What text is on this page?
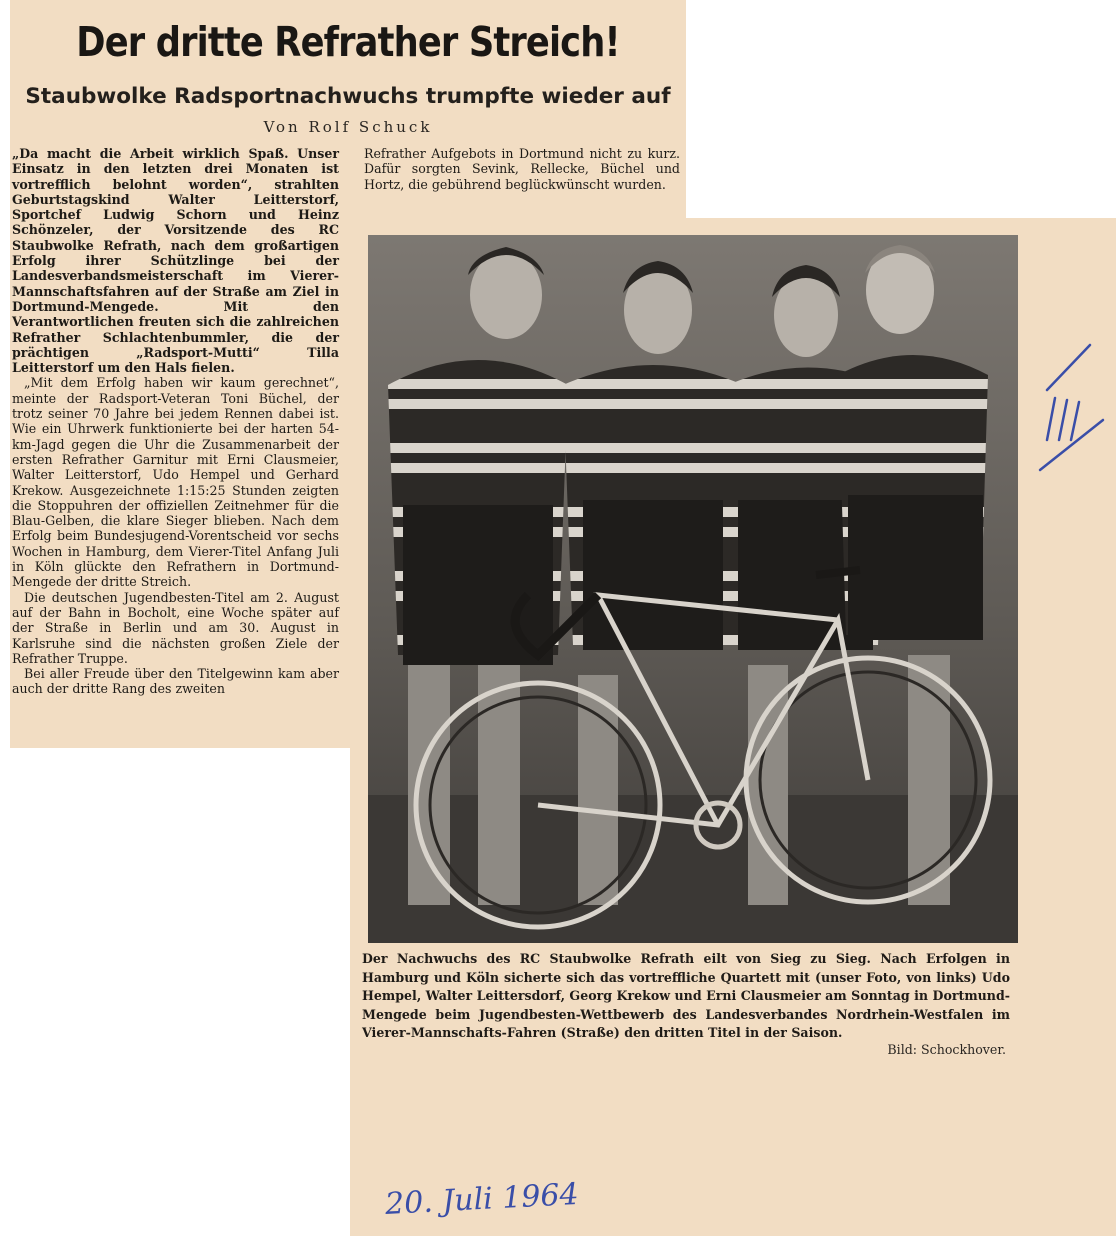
Der dritte Refrather Streich!
Staubwolke Radsportnachwuchs trumpfte wieder auf
Von Rolf Schuck

„Da macht die Arbeit wirklich Spaß. Unser Einsatz in den letzten drei Monaten ist vortrefflich belohnt worden“, strahlten Geburtstagskind Walter Leitterstorf, Sportchef Ludwig Schorn und Heinz Schönzeler, der Vorsitzende des RC Staubwolke Refrath, nach dem großartigen Erfolg ihrer Schützlinge bei der Landesverbandsmeisterschaft im Vierer-Mannschaftsfahren auf der Straße am Ziel in Dortmund-Mengede. Mit den Verantwortlichen freuten sich die zahlreichen Refrather Schlachtenbummler, die der prächtigen „Radsport-Mutti“ Tilla Leitterstorf um den Hals fielen.

„Mit dem Erfolg haben wir kaum gerechnet“, meinte der Radsport-Veteran Toni Büchel, der trotz seiner 70 Jahre bei jedem Rennen dabei ist. Wie ein Uhrwerk funktionierte bei der harten 54-km-Jagd gegen die Uhr die Zusammenarbeit der ersten Refrather Garnitur mit Erni Clausmeier, Walter Leitterstorf, Udo Hempel und Gerhard Krekow. Ausgezeichnete 1:15:25 Stunden zeigten die Stoppuhren der offiziellen Zeitnehmer für die Blau-Gelben, die klare Sieger blieben. Nach dem Erfolg beim Bundesjugend-Vorentscheid vor sechs Wochen in Hamburg, dem Vierer-Titel Anfang Juli in Köln glückte den Refrathern in Dortmund-Mengede der dritte Streich.

Die deutschen Jugendbesten-Titel am 2. August auf der Bahn in Bocholt, eine Woche später auf der Straße in Berlin und am 30. August in Karlsruhe sind die nächsten großen Ziele der Refrather Truppe.

Bei aller Freude über den Titelgewinn kam aber auch der dritte Rang des zweiten

Refrather Aufgebots in Dortmund nicht zu kurz. Dafür sorgten Sevink, Rellecke, Büchel und Hortz, die gebührend beglückwünscht wurden.

Der Nachwuchs des RC Staubwolke Refrath eilt von Sieg zu Sieg. Nach Erfolgen in Hamburg und Köln sicherte sich das vortreffliche Quartett mit (unser Foto, von links) Udo Hempel, Walter Leittersdorf, Georg Krekow und Erni Clausmeier am Sonntag in Dortmund-Mengede beim Jugendbesten-Wettbewerb des Landesverbandes Nordrhein-Westfalen im Vierer-Mannschafts-Fahren (Straße) den dritten Titel in der Saison.
Bild: Schockhover.
20. Juli 1964
